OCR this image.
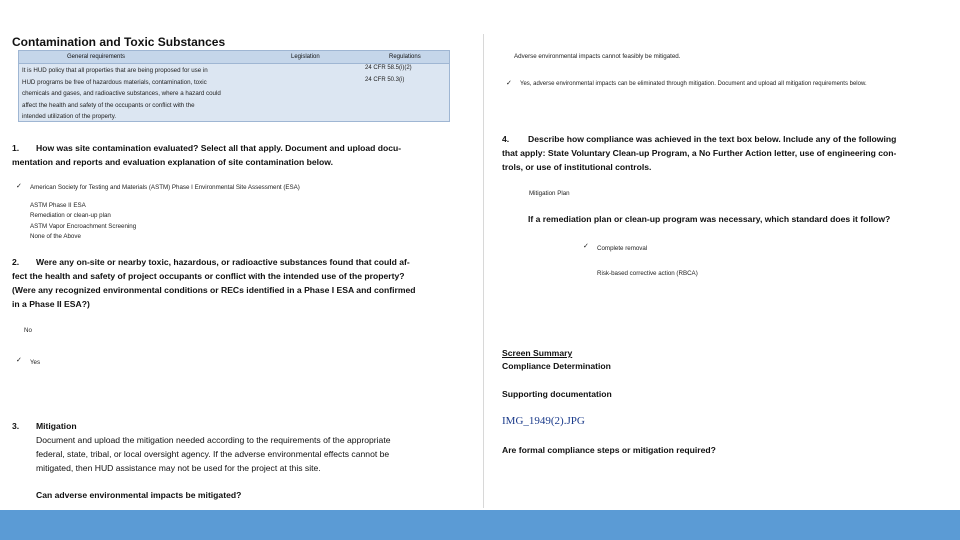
Contamination and Toxic Substances
General requirements	Legislation	Regulations
It is HUD policy that all properties that are being proposed for use in
HUD programs be free of hazardous materials, contamination, toxic
chemicals and gases, and radioactive substances, where a hazard could
affect the health and safety of the occupants or conflict with the
intended utilization of the property.
24 CFR 58.5(i)(2)
24 CFR 50.3(i)
1. How was site contamination evaluated? Select all that apply. Document and upload docu-
mentation and reports and evaluation explanation of site contamination below.
✓ American Society for Testing and Materials (ASTM) Phase I Environmental Site Assessment (ESA)
ASTM Phase II ESA
Remediation or clean-up plan
ASTM Vapor Encroachment Screening
None of the Above
2. Were any on-site or nearby toxic, hazardous, or radioactive substances found that could af-
fect the health and safety of project occupants or conflict with the intended use of the property?
(Were any recognized environmental conditions or RECs identified in a Phase I ESA and confirmed
in a Phase II ESA?)
No
✓ Yes
3. Mitigation
Document and upload the mitigation needed according to the requirements of the appropriate
federal, state, tribal, or local oversight agency. If the adverse environmental effects cannot be
mitigated, then HUD assistance may not be used for the project at this site.
Can adverse environmental impacts be mitigated?
Adverse environmental impacts cannot feasibly be mitigated.
✓ Yes, adverse environmental impacts can be eliminated through mitigation. Document and upload all mitigation requirements below.
4. Describe how compliance was achieved in the text box below. Include any of the following
that apply: State Voluntary Clean-up Program, a No Further Action letter, use of engineering con-
trols, or use of institutional controls.
Mitigation Plan
If a remediation plan or clean-up program was necessary, which standard does it follow?
✓ Complete removal
Risk-based corrective action (RBCA)
Screen Summary
Compliance Determination
Supporting documentation
IMG_1949(2).JPG
Are formal compliance steps or mitigation required?
